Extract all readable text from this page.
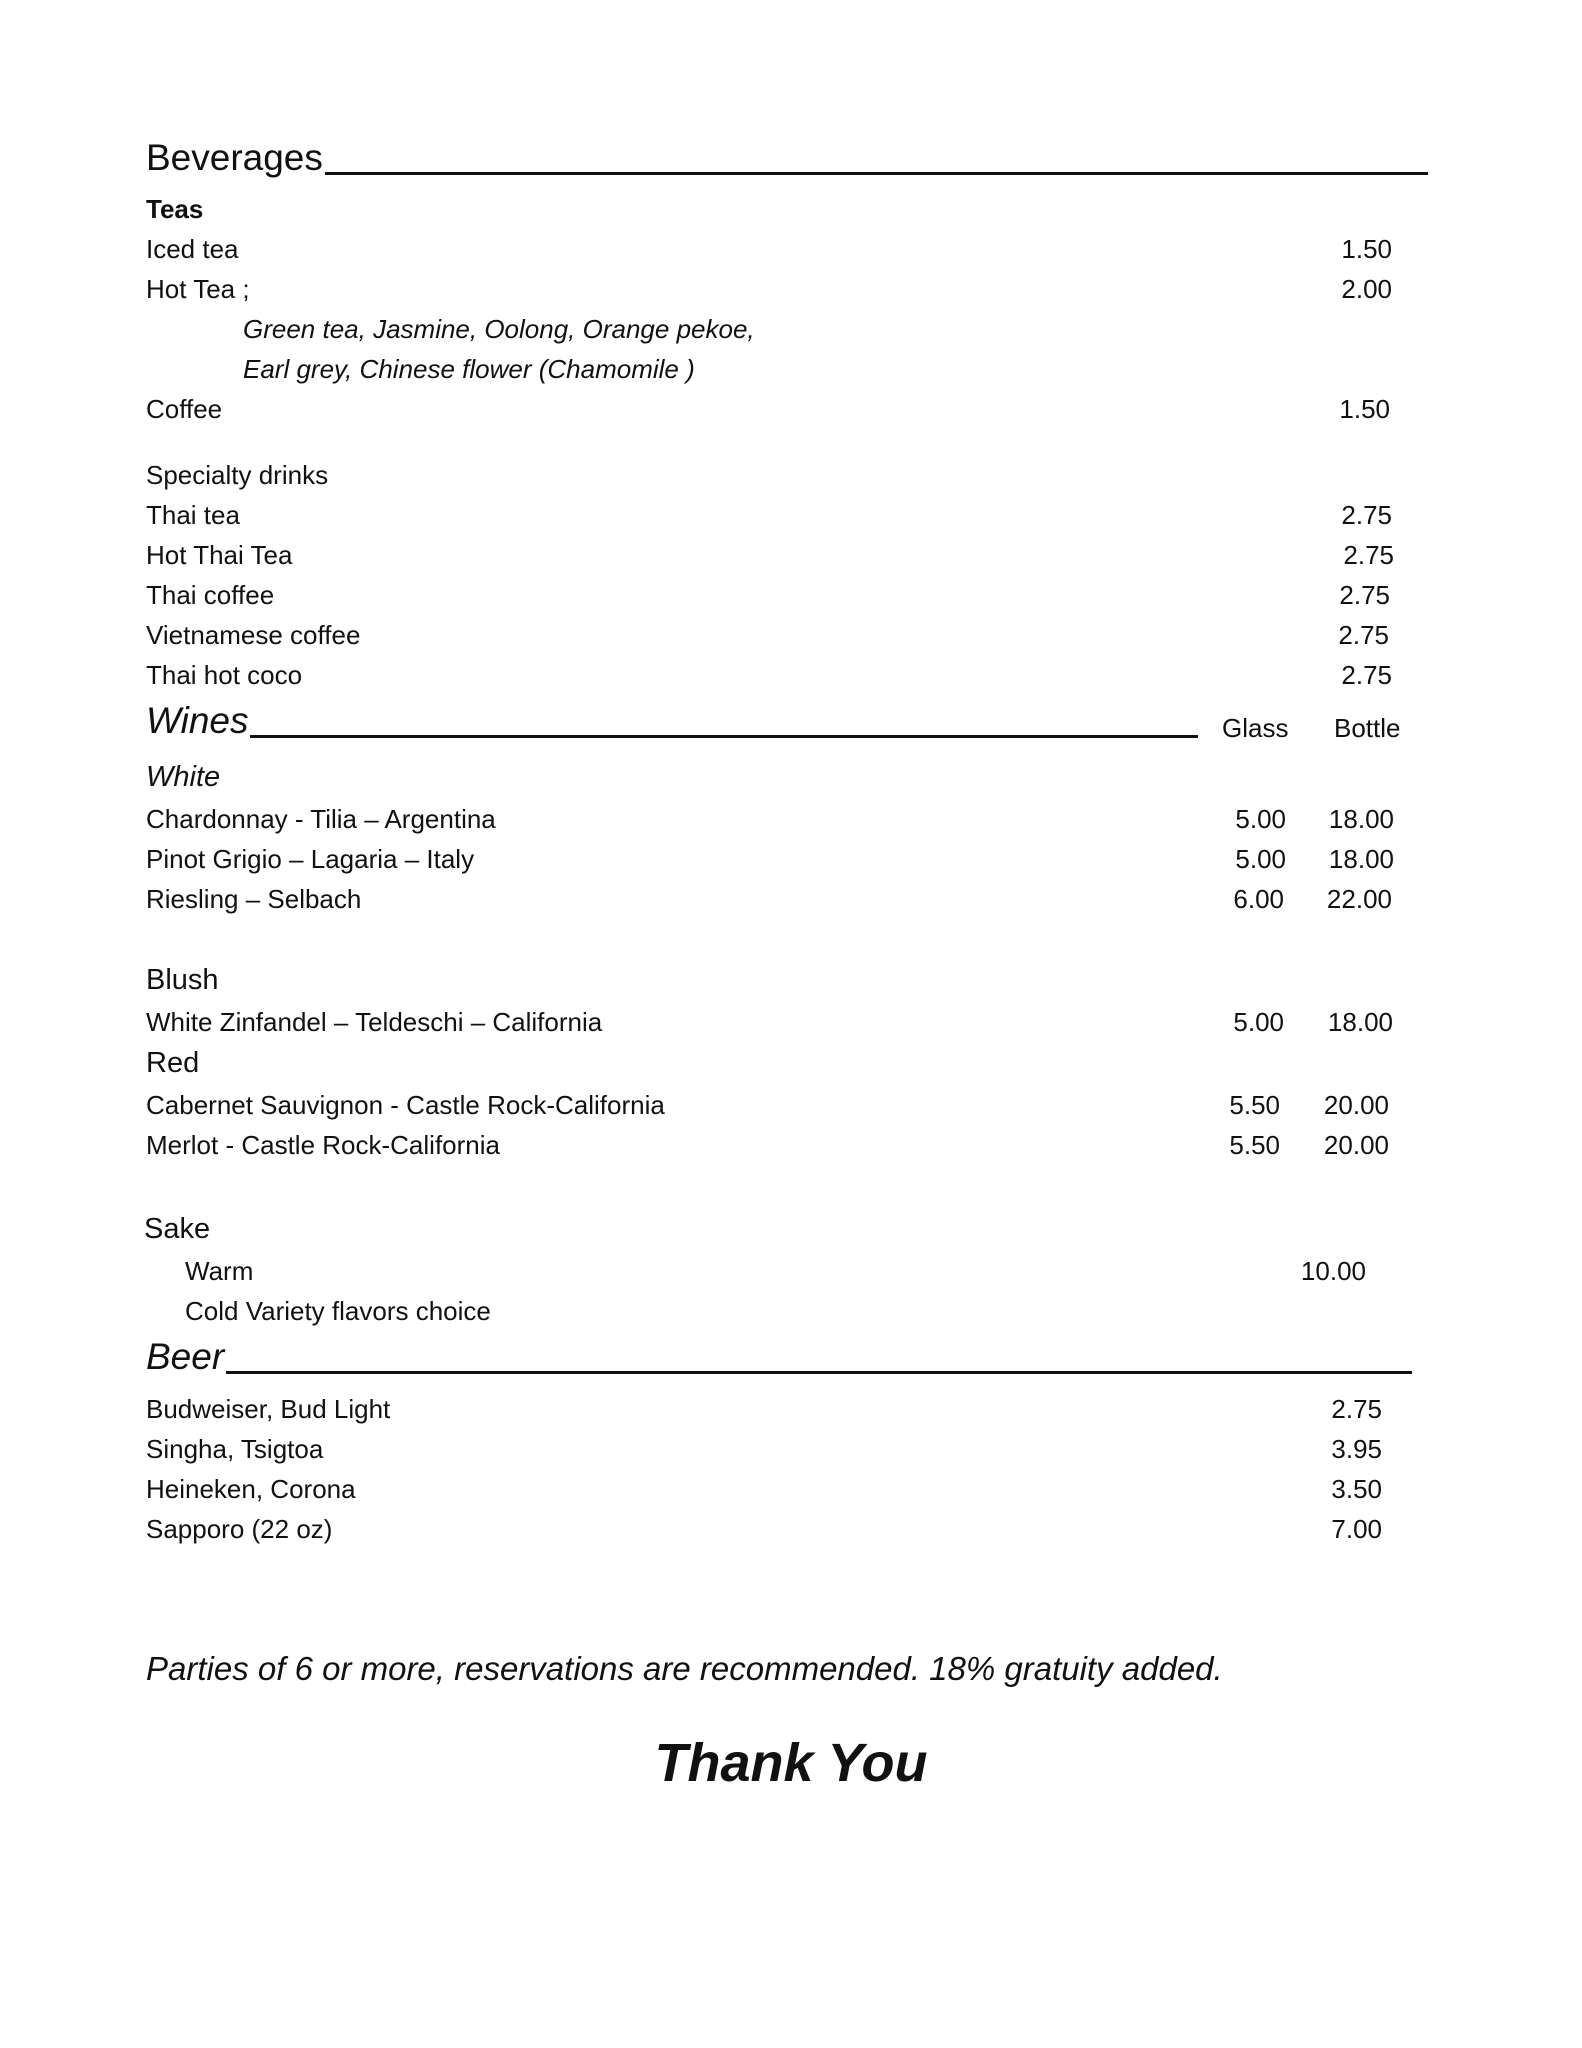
Beverages
Teas
Iced tea	1.50
Hot Tea ;	2.00
Green tea, Jasmine, Oolong, Orange pekoe,
Earl grey, Chinese flower (Chamomile )
Coffee	1.50
Specialty drinks
Thai tea	2.75
Hot Thai Tea	2.75
Thai coffee	2.75
Vietnamese coffee	2.75
Thai hot coco	2.75
Wines	Glass Bottle
White
Chardonnay - Tilia – Argentina	5.00	18.00
Pinot Grigio – Lagaria – Italy	5.00	18.00
Riesling – Selbach	6.00	22.00
Blush
White Zinfandel – Teldeschi – California	5.00	18.00
Red
Cabernet Sauvignon - Castle Rock-California	5.50	20.00
Merlot - Castle Rock-California	5.50	20.00
Sake
Warm	10.00
Cold Variety flavors choice
Beer
Budweiser, Bud Light	2.75
Singha, Tsigtoa	3.95
Heineken, Corona	3.50
Sapporo (22 oz)	7.00
Parties of 6 or more, reservations are recommended. 18% gratuity added.
Thank You
